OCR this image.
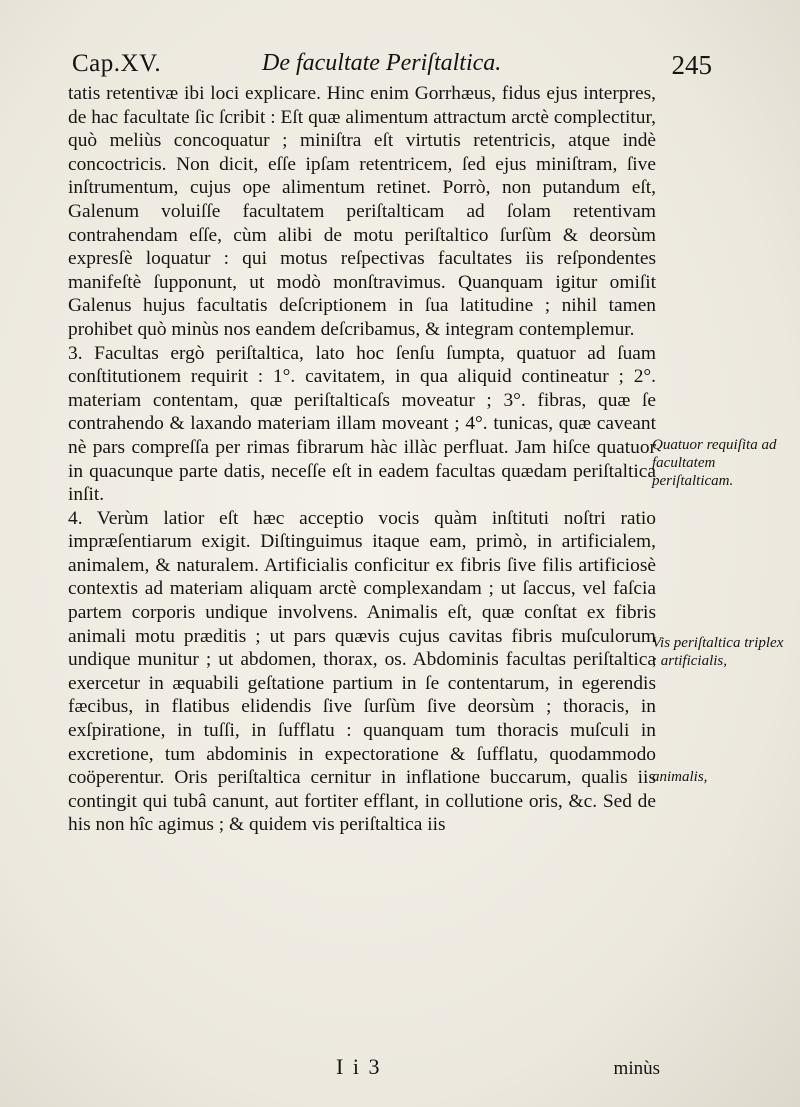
Cap.XV.	De facultate Periſtaltica.	245

tatis retentivæ ibi loci explicare. Hinc enim Gorrhæus, fidus ejus interpres, de hac facultate ſic ſcribit : Eſt quæ alimentum attractum arctè complectitur, quò meliùs concoquatur ; miniſtra eſt virtutis retentricis, atque indè concoctricis. Non dicit, eſſe ipſam retentricem, ſed ejus miniſtram, ſive inſtrumentum, cujus ope alimentum retinet. Porrò, non putandum eſt, Galenum voluiſſe facultatem periſtalticam ad ſolam retentivam contrahendam eſſe, cùm alibi de motu periſtaltico ſurſùm & deorsùm expresſè loquatur : qui motus reſpectivas facultates iis reſpondentes manifeſtè ſupponunt, ut modò monſtravimus. Quanquam igitur omiſit Galenus hujus facultatis deſcriptionem in ſua latitudine ; nihil tamen prohibet quò minùs nos eandem deſcribamus, & integram contemplemur.

3. Facultas ergò periſtaltica, lato hoc ſenſu ſumpta, quatuor ad ſuam conſtitutionem requirit : 1°. cavitatem, in qua aliquid contineatur ; 2°. materiam contentam, quæ periſtalticaſs moveatur ; 3°. fibras, quæ ſe contrahendo & laxando materiam illam moveant ; 4°. tunicas, quæ caveant nè pars compreſſa per rimas fibrarum hàc illàc perfluat. Jam hiſce quatuor in quacunque parte datis, neceſſe eſt in eadem facultas quædam periſtaltica inſit.

4. Verùm latior eſt hæc acceptio vocis quàm inſtituti noſtri ratio impræſentiarum exigit. Diſtinguimus itaque eam, primò, in artificialem, animalem, & naturalem. Artificialis conficitur ex fibris ſive filis artificiosè contextis ad materiam aliquam arctè complexandam ; ut ſaccus, vel faſcia partem corporis undique involvens. Animalis eſt, quæ conſtat ex fibris animali motu præditis ; ut pars quævis cujus cavitas fibris muſculorum undique munitur ; ut abdomen, thorax, os. Abdominis facultas periſtaltica exercetur in æquabili geſtatione partium in ſe contentarum, in egerendis fæcibus, in flatibus elidendis ſive ſurſùm ſive deorsùm ; thoracis, in exſpiratione, in tuſſi, in ſufflatu : quanquam tum thoracis muſculi in excretione, tum abdominis in expectoratione & ſufflatu, quodammodo coöperentur. Oris periſtaltica cernitur in inflatione buccarum, qualis iis contingit qui tubâ canunt, aut fortiter efflant, in collutione oris, &c. Sed de his non hîc agimus ; & quidem vis periſtaltica iis

Quatuor requiſita ad facultatem periſtalticam.
Vis periſtaltica triplex ; artificialis,
animalis,
I i 3	minùs
